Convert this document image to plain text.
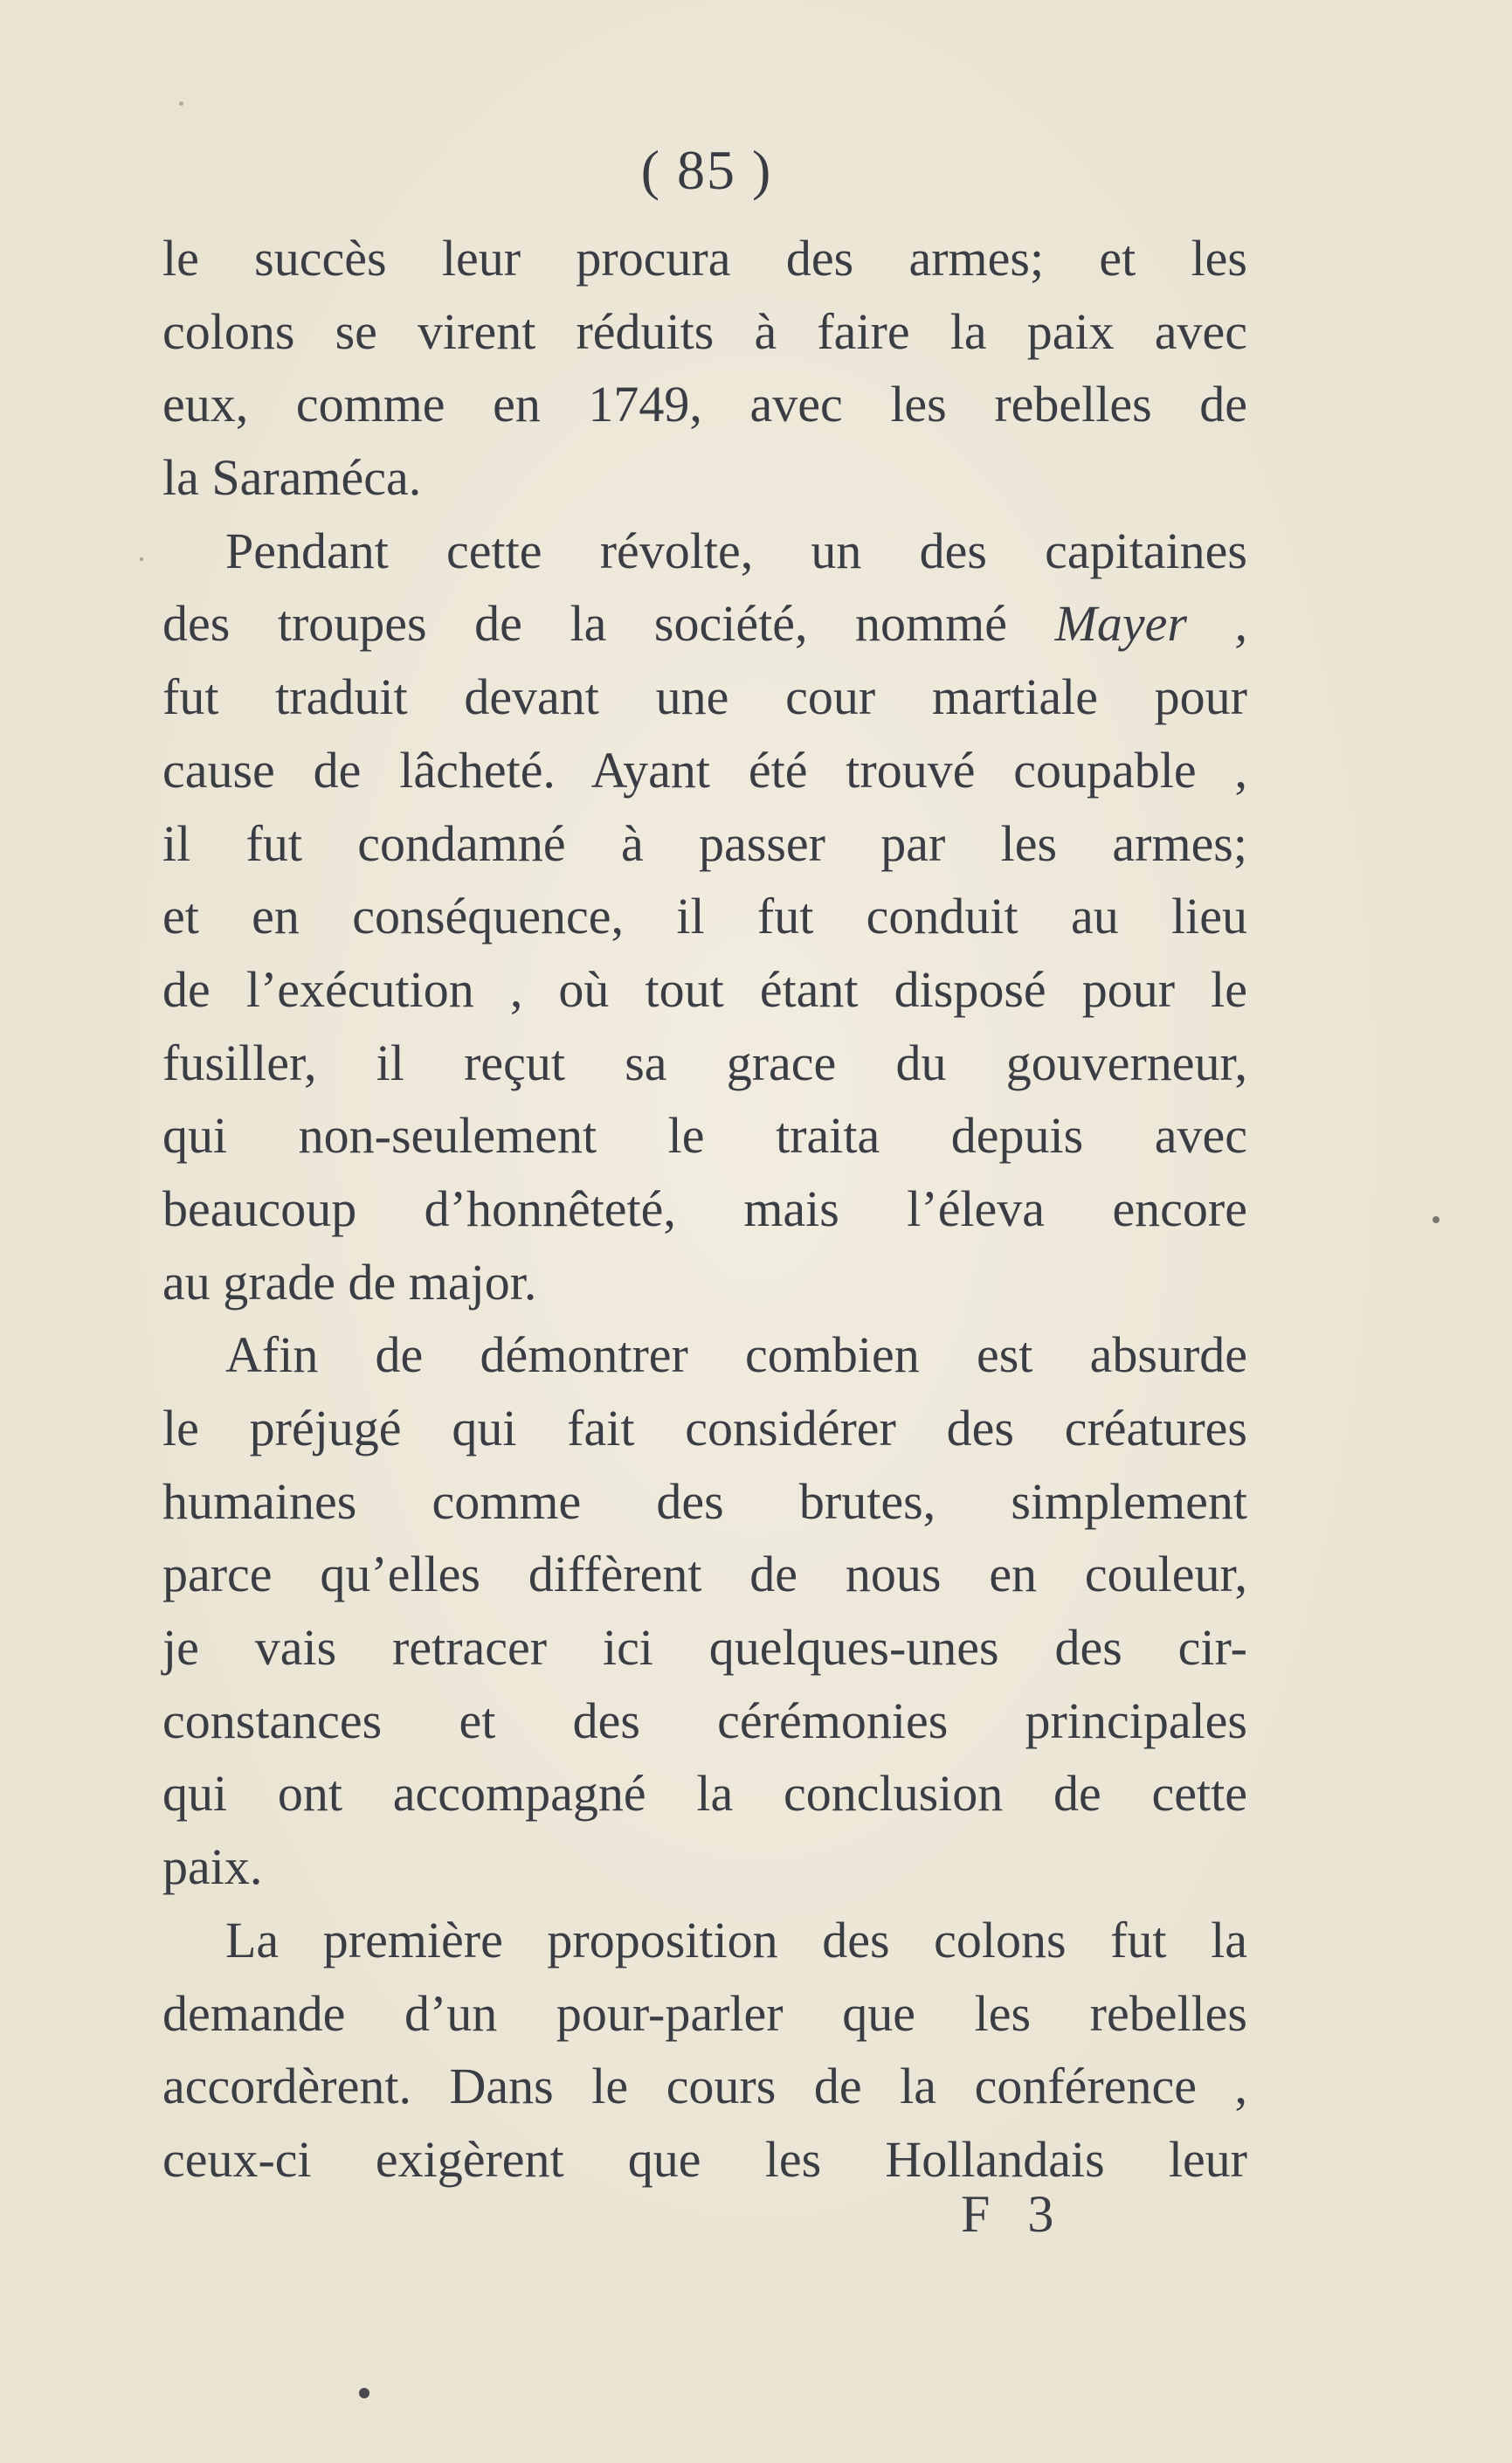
( 85 )
le succès leur procura des armes; et les
colons se virent réduits à faire la paix avec
eux, comme en 1749, avec les rebelles de
la Saraméca.
Pendant cette révolte, un des capitaines
des troupes de la société, nommé Mayer ,
fut traduit devant une cour martiale pour
cause de lâcheté. Ayant été trouvé coupable ,
il fut condamné à passer par les armes;
et en conséquence, il fut conduit au lieu
de l’exécution , où tout étant disposé pour le
fusiller, il reçut sa grace du gouverneur,
qui non-seulement le traita depuis avec
beaucoup d’honnêteté, mais l’éleva encore
au grade de major.
Afin de démontrer combien est absurde
le préjugé qui fait considérer des créatures
humaines comme des brutes, simplement
parce qu’elles diffèrent de nous en couleur,
je vais retracer ici quelques-unes des cir-
constances et des cérémonies principales
qui ont accompagné la conclusion de cette
paix.
La première proposition des colons fut la
demande d’un pour-parler que les rebelles
accordèrent. Dans le cours de la conférence ,
ceux-ci exigèrent que les Hollandais leur
F 3
